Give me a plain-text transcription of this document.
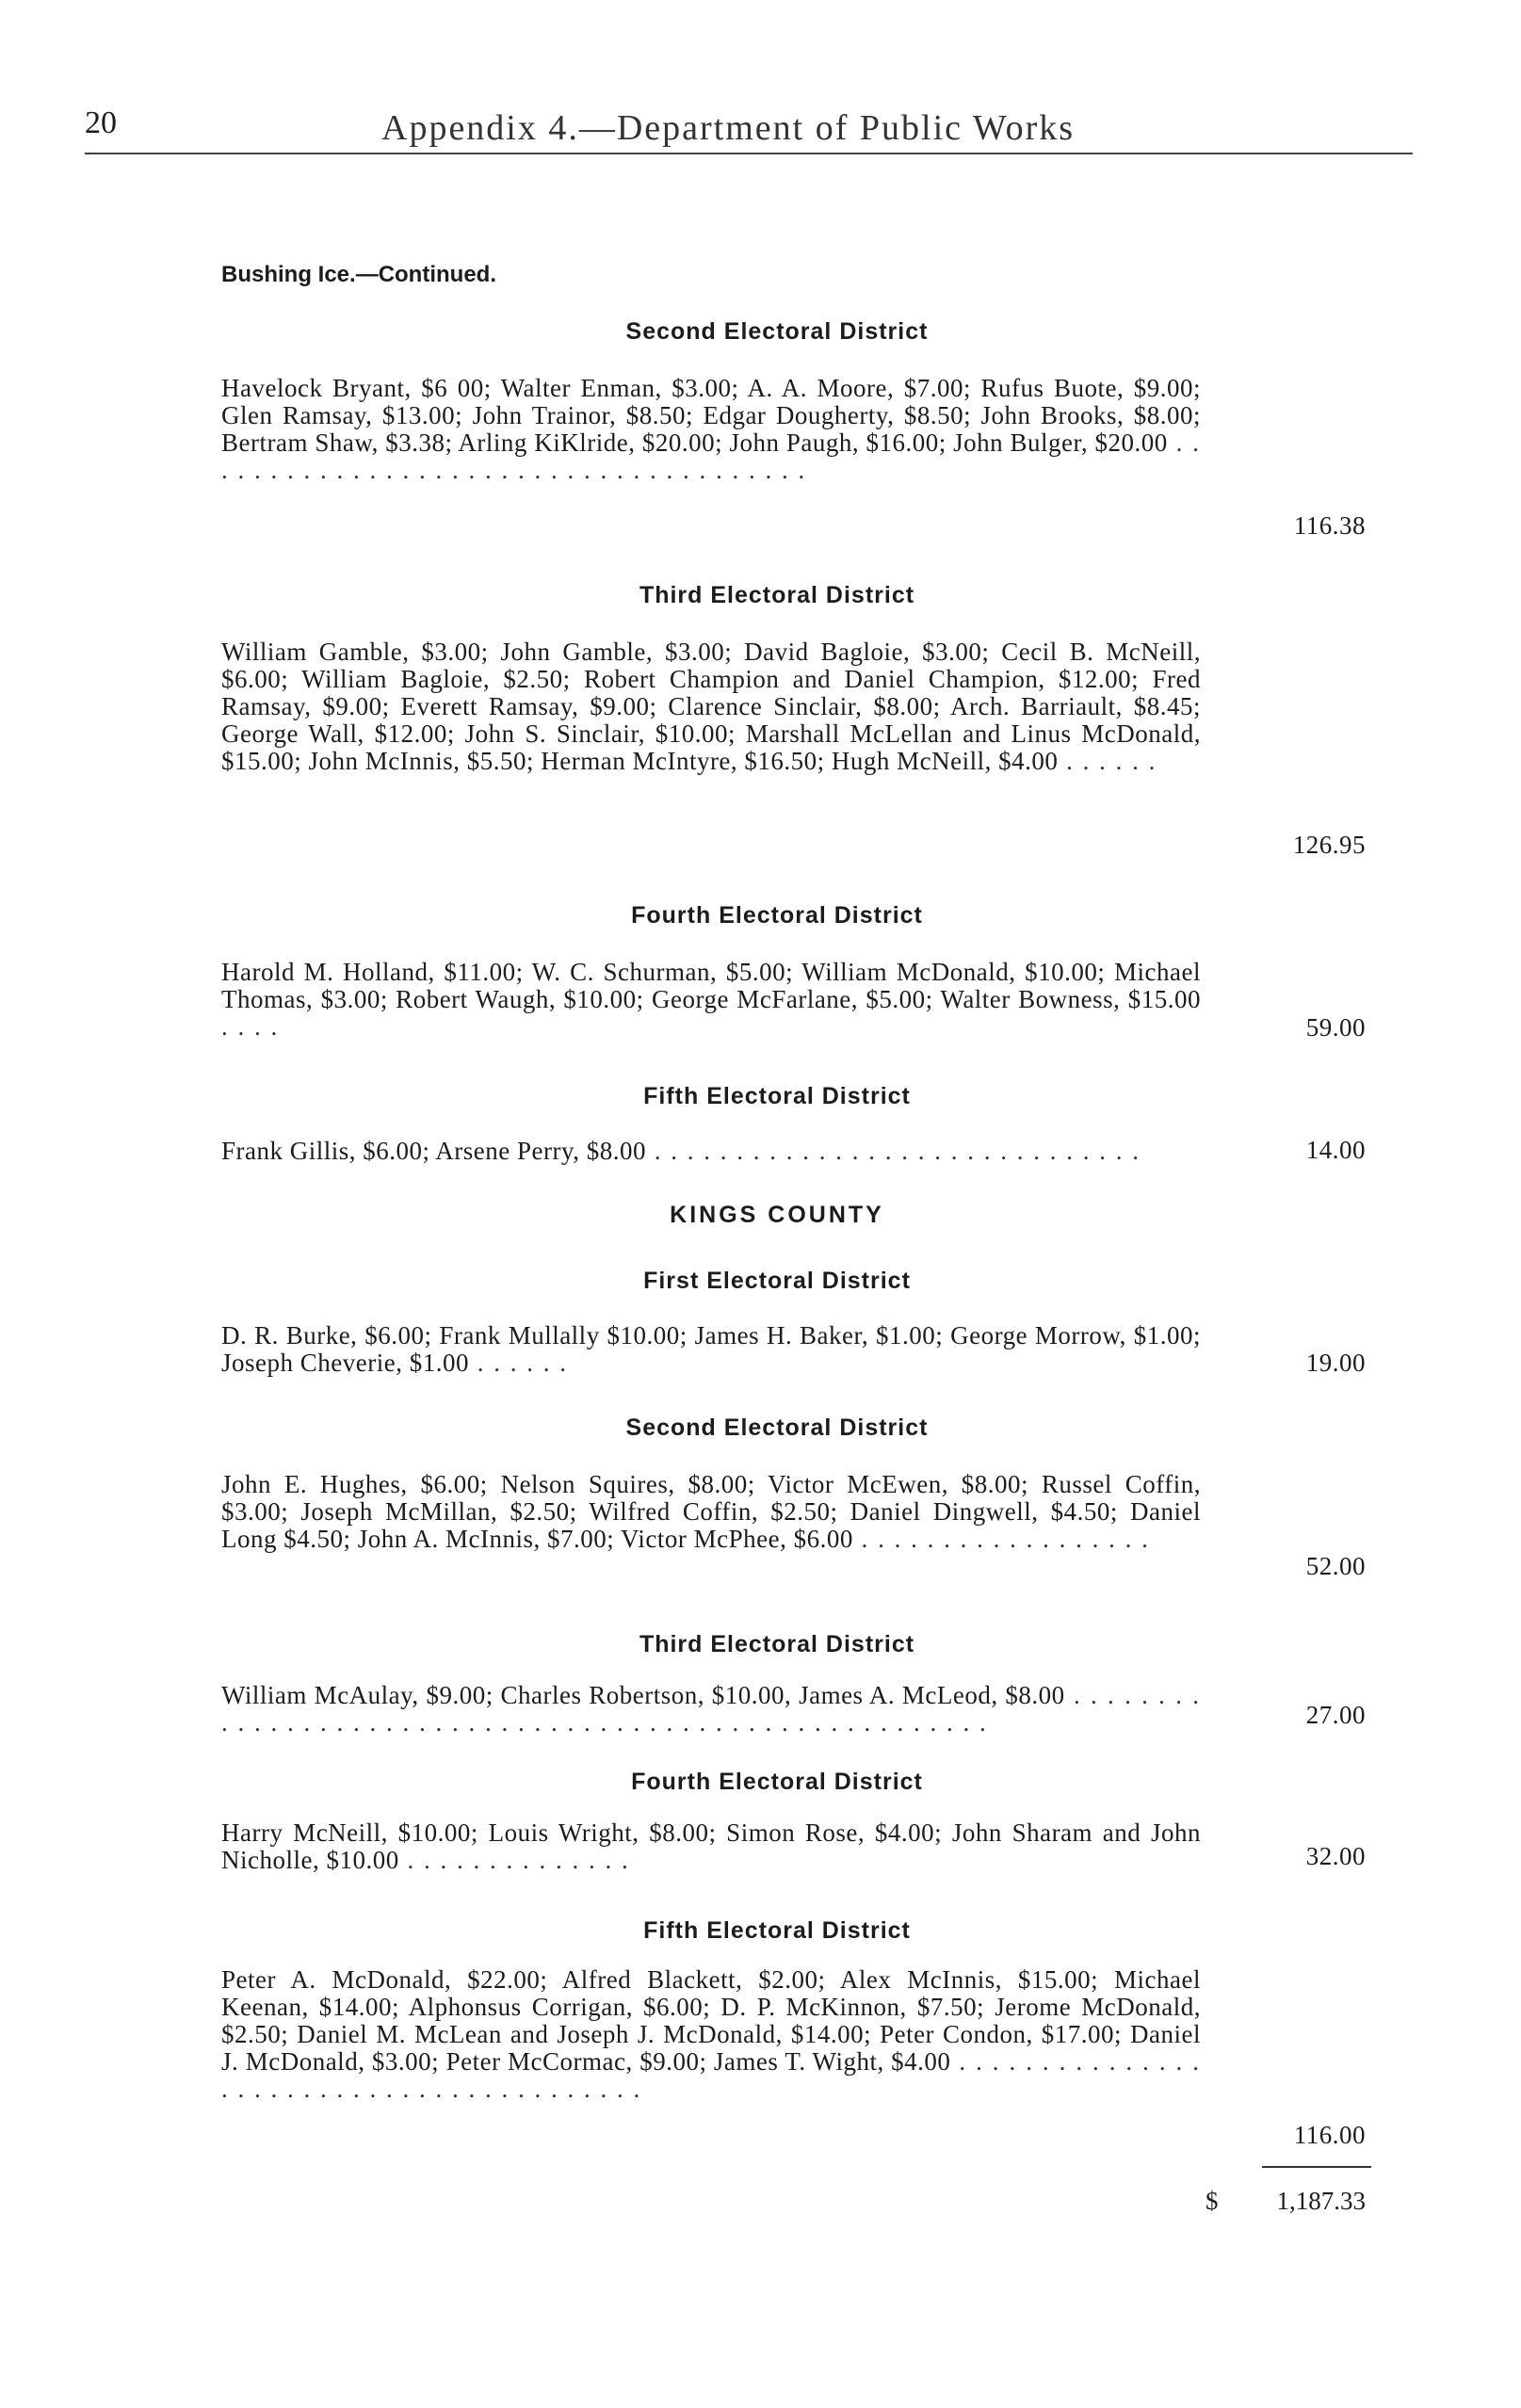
20	Appendix 4.—Department of Public Works
Bushing Ice.—Continued.
Second Electoral District
Havelock Bryant, $6 00; Walter Enman, $3.00; A. A. Moore, $7.00; Rufus Buote, $9.00; Glen Ramsay, $13.00; John Trainor, $8.50; Edgar Dougherty, $8.50; John Brooks, $8.00; Bertram Shaw, $3.38; Arling KiKlride, $20.00; John Paugh, $16.00; John Bulger, $20.00 . . . . . . . . . . . . . . . . . . . . . . . . . . . . . . . . . . . . . .
116.38
Third Electoral District
William Gamble, $3.00; John Gamble, $3.00; David Bagloie, $3.00; Cecil B. McNeill, $6.00; William Bagloie, $2.50; Robert Champion and Daniel Champion, $12.00; Fred Ramsay, $9.00; Everett Ramsay, $9.00; Clarence Sinclair, $8.00; Arch. Barriault, $8.45; George Wall, $12.00; John S. Sinclair, $10.00; Marshall McLellan and Linus McDonald, $15.00; John McInnis, $5.50; Herman McIntyre, $16.50; Hugh McNeill, $4.00 . . . . . .
126.95
Fourth Electoral District
Harold M. Holland, $11.00; W. C. Schurman, $5.00; William McDonald, $10.00; Michael Thomas, $3.00; Robert Waugh, $10.00; George McFarlane, $5.00; Walter Bowness, $15.00 . . . .	59.00
Fifth Electoral District
Frank Gillis, $6.00; Arsene Perry, $8.00 . . . . . . . . . . . . . . . . . . . . . . . . . . . . . .	14.00
KINGS COUNTY
First Electoral District
D. R. Burke, $6.00; Frank Mullally $10.00; James H. Baker, $1.00; George Morrow, $1.00; Joseph Cheverie, $1.00 . . . . . .	19.00
Second Electoral District
John E. Hughes, $6.00; Nelson Squires, $8.00; Victor McEwen, $8.00; Russel Coffin, $3.00; Joseph McMillan, $2.50; Wilfred Coffin, $2.50; Daniel Dingwell, $4.50; Daniel Long $4.50; John A. McInnis, $7.00; Victor McPhee, $6.00 . . . . . . . . . . . . . . . . . .
52.00
Third Electoral District
William McAulay, $9.00; Charles Robertson, $10.00, James A. McLeod, $8.00 . . . . . . . . . . . . . . . . . . . . . . . . . . . . . . . . . . . . . . . . . . . . . . . . . . . . . . .	27.00
Fourth Electoral District
Harry McNeill, $10.00; Louis Wright, $8.00; Simon Rose, $4.00; John Sharam and John Nicholle, $10.00 . . . . . . . . . . . . . .	32.00
Fifth Electoral District
Peter A. McDonald, $22.00; Alfred Blackett, $2.00; Alex McInnis, $15.00; Michael Keenan, $14.00; Alphonsus Corrigan, $6.00; D. P. McKinnon, $7.50; Jerome McDonald, $2.50; Daniel M. McLean and Joseph J. McDonald, $14.00; Peter Condon, $17.00; Daniel J. McDonald, $3.00; Peter McCormac, $9.00; James T. Wight, $4.00 . . . . . . . . . . . . . . . . . . . . . . . . . . . . . . . . . . . . . . . . .
116.00
$	1,187.33
